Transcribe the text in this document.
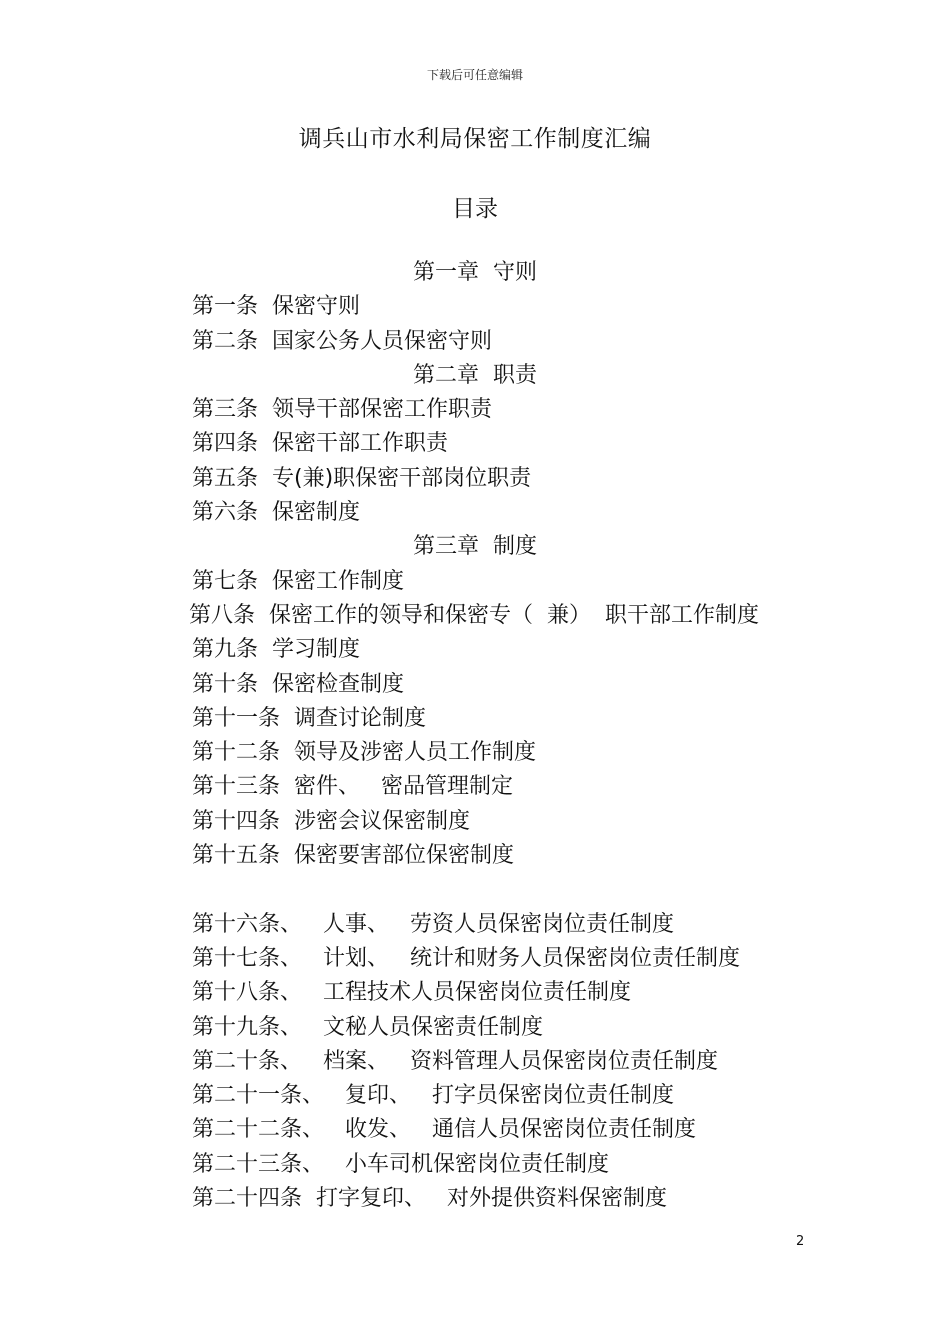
下载后可任意编辑
调兵山市水利局保密工作制度汇编
目录
第一章  守则
第一条  保密守则
第二条  国家公务人员保密守则
第二章  职责
第三条  领导干部保密工作职责
第四条  保密干部工作职责
第五条  专(兼)职保密干部岗位职责
第六条  保密制度
第三章  制度
第七条  保密工作制度
第八条  保密工作的领导和保密专（  兼）  职干部工作制度
第九条  学习制度
第十条  保密检查制度
第十一条  调查讨论制度
第十二条  领导及涉密人员工作制度
第十三条  密件、   密品管理制定
第十四条  涉密会议保密制度
第十五条  保密要害部位保密制度
第十六条、   人事、   劳资人员保密岗位责任制度
第十七条、   计划、   统计和财务人员保密岗位责任制度
第十八条、   工程技术人员保密岗位责任制度
第十九条、   文秘人员保密责任制度
第二十条、   档案、   资料管理人员保密岗位责任制度
第二十一条、   复印、   打字员保密岗位责任制度
第二十二条、   收发、   通信人员保密岗位责任制度
第二十三条、   小车司机保密岗位责任制度
第二十四条  打字复印、   对外提供资料保密制度
2
